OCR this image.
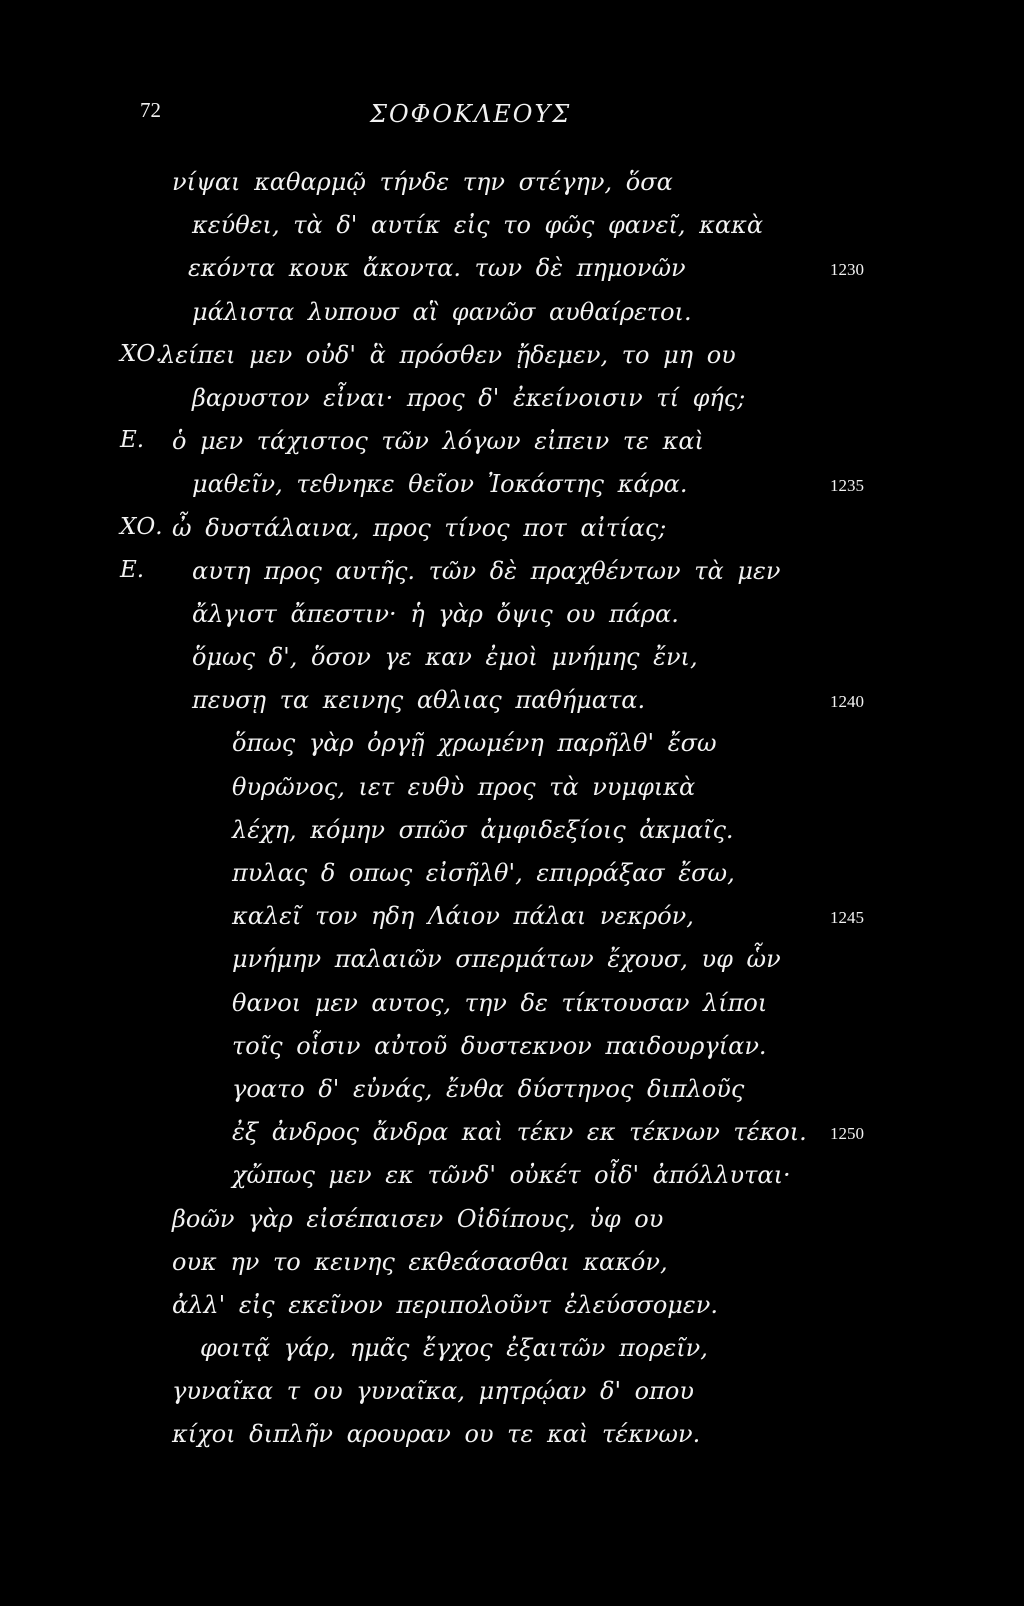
72	ΣΟΦΟΚΛΕΟΥΣ
νίψαι καθαρμῷ τήνδε την στέγην, ὅσα
κεύθει, τὰ δ' αυτίκ εἰς το φῶς φανεῖ, κακὰ
εκόντα κουκ ἄκοντα. των δὲ πημονῶν	1230
μάλιστα λυπουσ αἳ φανῶσ αυθαίρετοι.
ΧΟ.
λείπει μεν οὐδ' ἃ πρόσθεν ᾔδεμεν, το μη ου
βαρυστον εἶναι· προς δ' ἐκείνοισιν τί φής;
Ε. ὁ μεν τάχιστος τῶν λόγων εἰπειν τε καὶ
μαθεῖν, τεθνηκε θεῖον Ἰοκάστης κάρα.	1235
ΧΟ. ὦ δυστάλαινα, προς τίνος ποτ αἰτίας;
Ε. αυτη προς αυτῆς. τῶν δὲ πραχθέντων τὰ μεν
ἄλγιστ ἄπεστιν· ἡ γὰρ ὄψις ου πάρα.
ὅμως δ', ὅσον γε καν ἐμοὶ μνήμης ἔνι,
πευσῃ τα κεινης αθλιας παθήματα.	1240
ὅπως γὰρ ὀργῇ χρωμένη παρῆλθ' ἔσω
θυρῶνος, ιετ ευθὺ προς τὰ νυμφικὰ
λέχη, κόμην σπῶσ ἀμφιδεξίοις ἀκμαῖς.
πυλας δ οπως εἰσῆλθ', επιρράξασ ἔσω,
καλεῖ τον ηδη Λάιον πάλαι νεκρόν,	1245
μνήμην παλαιῶν σπερμάτων ἔχουσ, υφ ὧν
θανοι μεν αυτος, την δε τίκτουσαν λίποι
τοῖς οἷσιν αὐτοῦ δυστεκνον παιδουργίαν.
γοατο δ' εὐνάς, ἔνθα δύστηνος διπλοῦς
ἐξ ἀνδρος ἄνδρα καὶ τέκν εκ τέκνων τέκοι. 1250
χὤπως μεν εκ τῶνδ' οὐκέτ οἶδ' ἀπόλλυται·
βοῶν γὰρ εἰσέπαισεν Οἰδίπους, ὑφ ου
ουκ ην το κεινης εκθεάσασθαι κακόν,
ἀλλ' εἰς εκεῖνον περιπολοῦντ ἐλεύσσομεν.
φοιτᾷ γάρ, ημᾶς ἔγχος ἐξαιτῶν πορεῖν,
γυναῖκα τ ου γυναῖκα, μητρῴαν δ' οπου
κίχοι διπλῆν αρουραν ου τε καὶ τέκνων.
